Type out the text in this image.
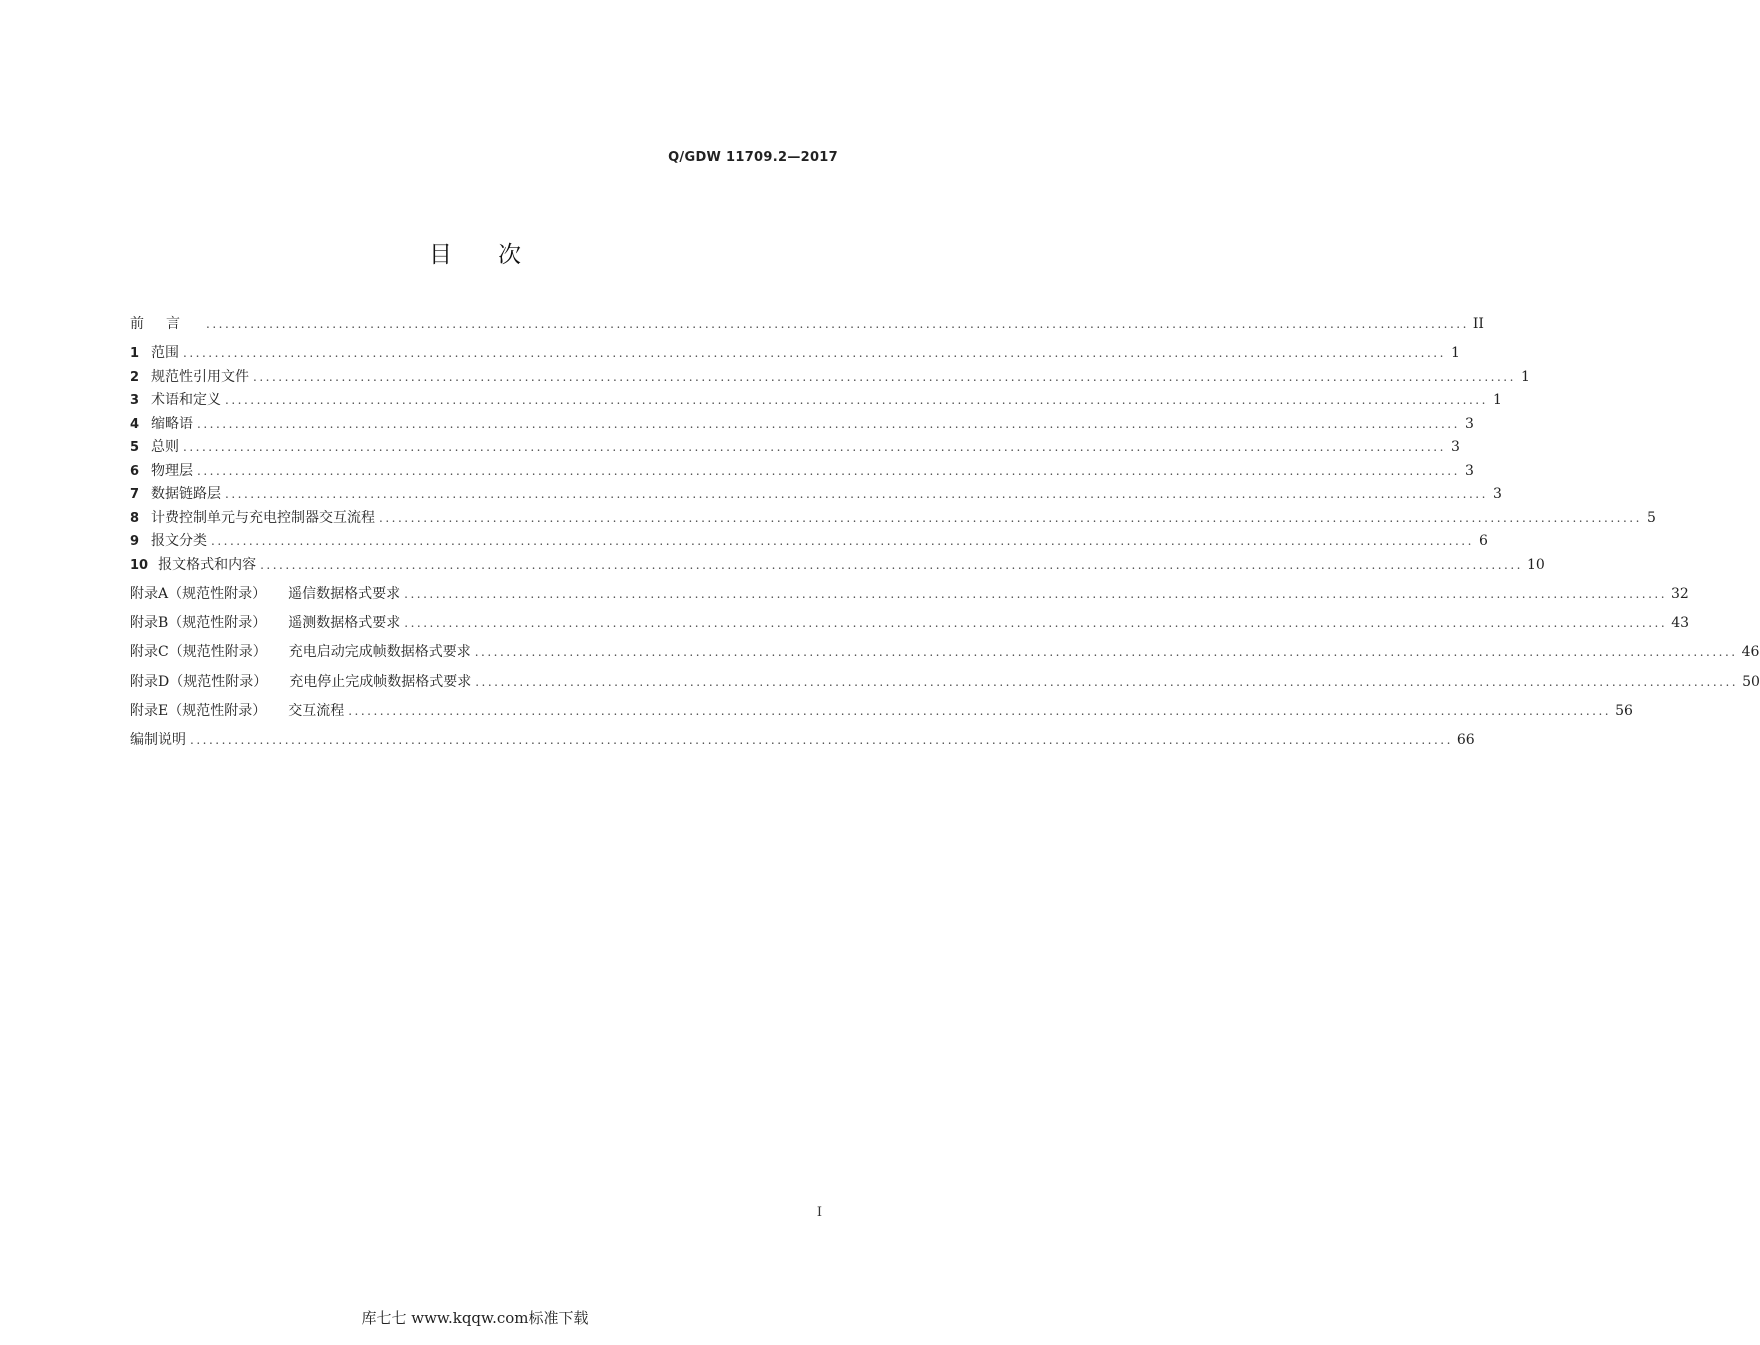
Q/GDW 11709.2—2017
目次
前言 ........................................................................................................................................................................................................ II
1 范围 ........................................................................................................................................................................................................ 1
2 规范性引用文件 ........................................................................................................................................................................................................ 1
3 术语和定义 ........................................................................................................................................................................................................ 1
4 缩略语 ........................................................................................................................................................................................................ 3
5 总则 ........................................................................................................................................................................................................ 3
6 物理层 ........................................................................................................................................................................................................ 3
7 数据链路层 ........................................................................................................................................................................................................ 3
8 计费控制单元与充电控制器交互流程 ........................................................................................................................................................................................................ 5
9 报文分类 ........................................................................................................................................................................................................ 6
10 报文格式和内容 ........................................................................................................................................................................................................ 10
附录A（规范性附录） 遥信数据格式要求 ........................................................................................................................................................................................................ 32
附录B（规范性附录） 遥测数据格式要求 ........................................................................................................................................................................................................ 43
附录C（规范性附录） 充电启动完成帧数据格式要求 ........................................................................................................................................................................................................ 46
附录D（规范性附录） 充电停止完成帧数据格式要求 ........................................................................................................................................................................................................ 50
附录E（规范性附录） 交互流程 ........................................................................................................................................................................................................ 56
编制说明 ........................................................................................................................................................................................................ 66
I
库七七 www.kqqw.com标准下载
